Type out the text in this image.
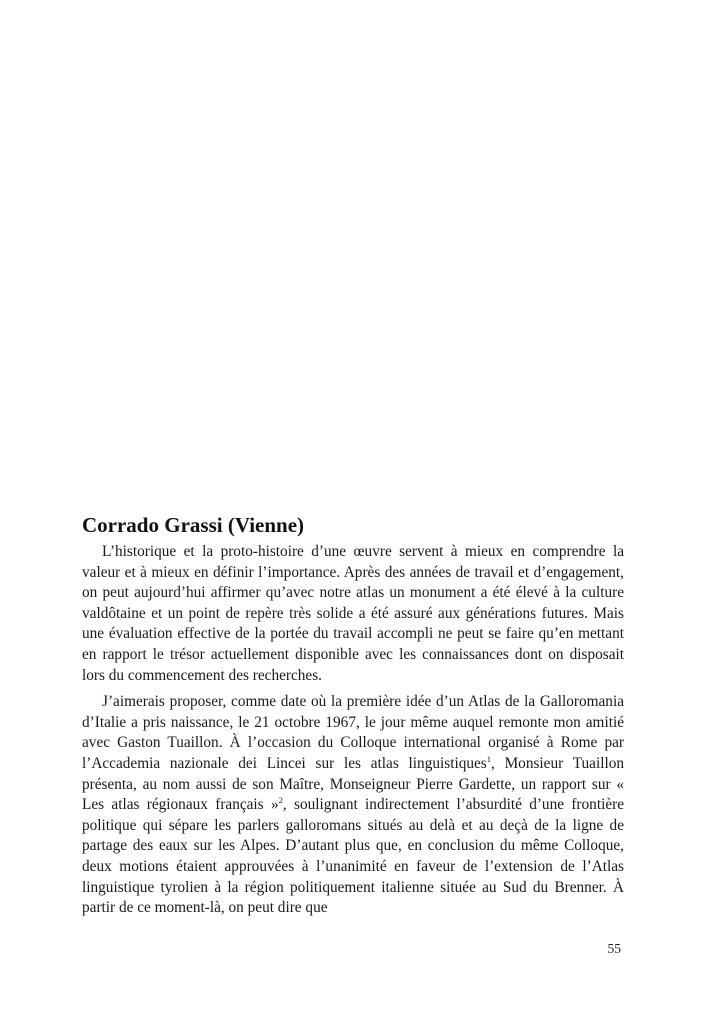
Corrado Grassi (Vienne)

L’historique et la proto-histoire d’une œuvre servent à mieux en comprendre la valeur et à mieux en définir l’importance. Après des années de travail et d’engagement, on peut aujourd’hui affirmer qu’avec notre atlas un monument a été élevé à la culture valdôtaine et un point de repère très solide a été assuré aux générations futures. Mais une évaluation effective de la portée du travail accompli ne peut se faire qu’en mettant en rapport le trésor actuellement disponible avec les connaissances dont on disposait lors du commencement des recherches.

J’aimerais proposer, comme date où la première idée d’un Atlas de la Galloromania d’Italie a pris naissance, le 21 octobre 1967, le jour même auquel remonte mon amitié avec Gaston Tuaillon. À l’occasion du Colloque international organisé à Rome par l’Accademia nazionale dei Lincei sur les atlas linguistiques$^1$, Monsieur Tuaillon présenta, au nom aussi de son Maître, Monseigneur Pierre Gardette, un rapport sur « Les atlas régionaux français »$^2$, soulignant indirectement l’absurdité d’une frontière politique qui sépare les parlers galloromans situés au delà et au deçà de la ligne de partage des eaux sur les Alpes. D’autant plus que, en conclusion du même Colloque, deux motions étaient approuvées à l’unanimité en faveur de l’extension de l’Atlas linguistique tyrolien à la région politiquement italienne située au Sud du Brenner. À partir de ce moment-là, on peut dire que

55
